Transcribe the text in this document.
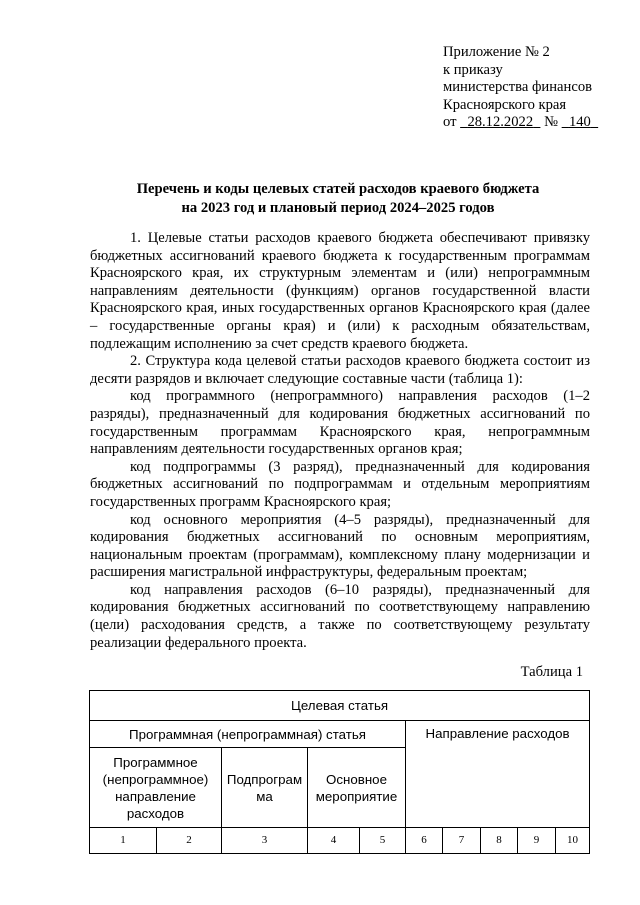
Приложение № 2
к приказу
министерства финансов
Красноярского края
от 28.12.2022 № 140
Перечень и коды целевых статей расходов краевого бюджета
на 2023 год и плановый период 2024–2025 годов

1. Целевые статьи расходов краевого бюджета обеспечивают привязку бюджетных ассигнований краевого бюджета к государственным программам Красноярского края, их структурным элементам и (или) непрограммным направлениям деятельности (функциям) органов государственной власти Красноярского края, иных государственных органов Красноярского края (далее – государственные органы края) и (или) к расходным обязательствам, подлежащим исполнению за счет средств краевого бюджета.

2. Структура кода целевой статьи расходов краевого бюджета состоит из десяти разрядов и включает следующие составные части (таблица 1):

код программного (непрограммного) направления расходов (1–2 разряды), предназначенный для кодирования бюджетных ассигнований по государственным программам Красноярского края, непрограммным направлениям деятельности государственных органов края;

код подпрограммы (3 разряд), предназначенный для кодирования бюджетных ассигнований по подпрограммам и отдельным мероприятиям государственных программ Красноярского края;

код основного мероприятия (4–5 разряды), предназначенный для кодирования бюджетных ассигнований по основным мероприятиям, национальным проектам (программам), комплексному плану модернизации и расширения магистральной инфраструктуры, федеральным проектам;

код направления расходов (6–10 разряды), предназначенный для кодирования бюджетных ассигнований по соответствующему направлению (цели) расходования средств, а также по соответствующему результату реализации федерального проекта.

Таблица 1
Целевая статья									
Программная (непрограммная) статья					Направление расходов				
Программное (непрограммное) направление расходов		Подпрограм ма	Основное мероприятие						
1	2	3	4	5	6	7	8	9	10
